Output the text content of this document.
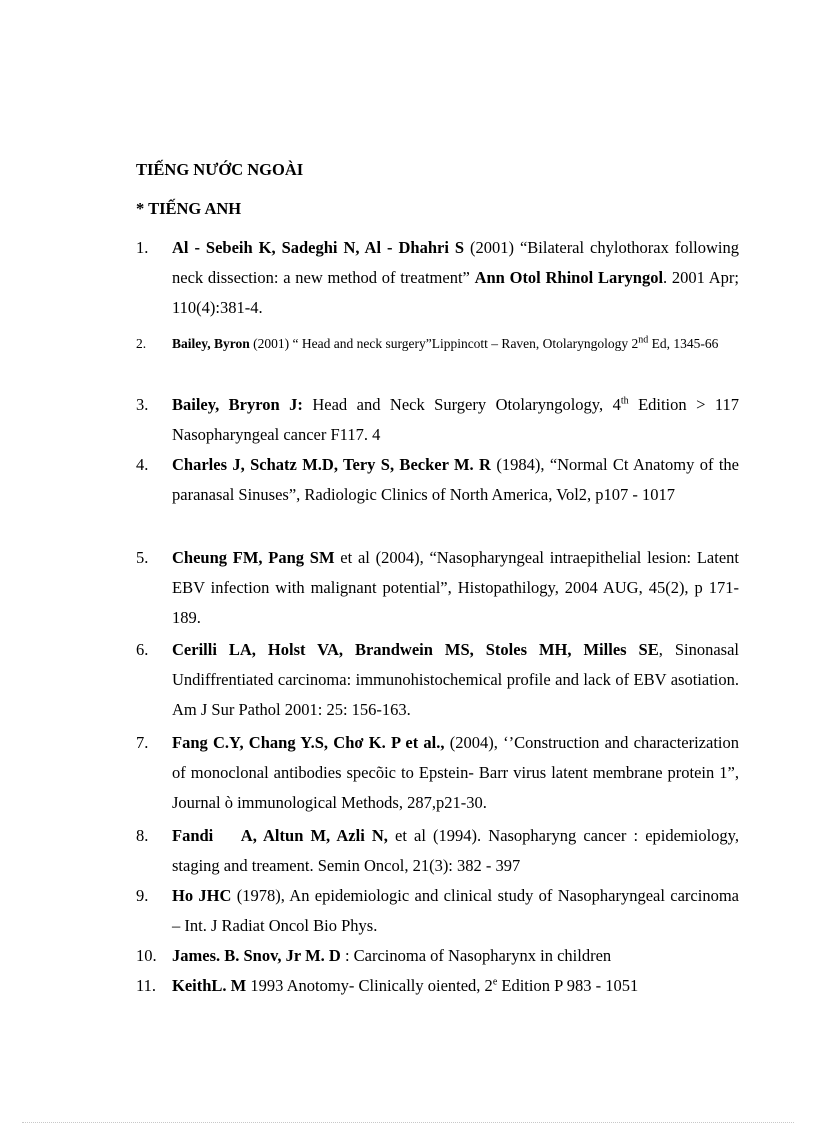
TIẾNG NƯỚC NGOÀI
* TIẾNG ANH
1. Al - Sebeih K, Sadeghi N, Al - Dhahri S (2001) “Bilateral chylothorax following neck dissection: a new method of treatment” Ann Otol Rhinol Laryngol. 2001 Apr; 110(4):381-4.
2. Bailey, Byron (2001) “ Head and neck surgery”Lippincott – Raven, Otolaryngology 2nd Ed, 1345-66
3. Bailey, Bryron J: Head and Neck Surgery Otolaryngology, 4th Edition > 117 Nasopharyngeal cancer F117. 4
4. Charles J, Schatz M.D, Tery S, Becker M. R (1984), “Normal Ct Anatomy of the paranasal Sinuses”, Radiologic Clinics of North America, Vol2, p107 - 1017
5. Cheung FM, Pang SM et al (2004), “Nasopharyngeal intraepithelial lesion: Latent EBV infection with malignant potential”, Histopathilogy, 2004 AUG, 45(2), p 171-189.
6. Cerilli LA, Holst VA, Brandwein MS, Stoles MH, Milles SE, Sinonasal Undiffrentiated carcinoma: immunohistochemical profile and lack of EBV asotiation. Am J Sur Pathol 2001: 25: 156-163.
7. Fang C.Y, Chang Y.S, Chơ K. P et al., (2004), ‘’Construction and characterization of monoclonal antibodies specõic to Epstein- Barr virus latent membrane protein 1”, Journal ò immunological Methods, 287,p21-30.
8. Fandi    A, Altun M, Azli N, et al (1994). Nasopharyng cancer : epidemiology, staging and treament. Semin Oncol, 21(3): 382 - 397
9. Ho JHC (1978), An epidemiologic and clinical study of Nasopharyngeal carcinoma – Int. J Radiat Oncol Bio Phys.
10. James. B. Snov, Jr M. D : Carcinoma of Nasopharynx in children
11. KeithL. M 1993 Anotomy- Clinically oiented, 2e Edition P 983 - 1051
